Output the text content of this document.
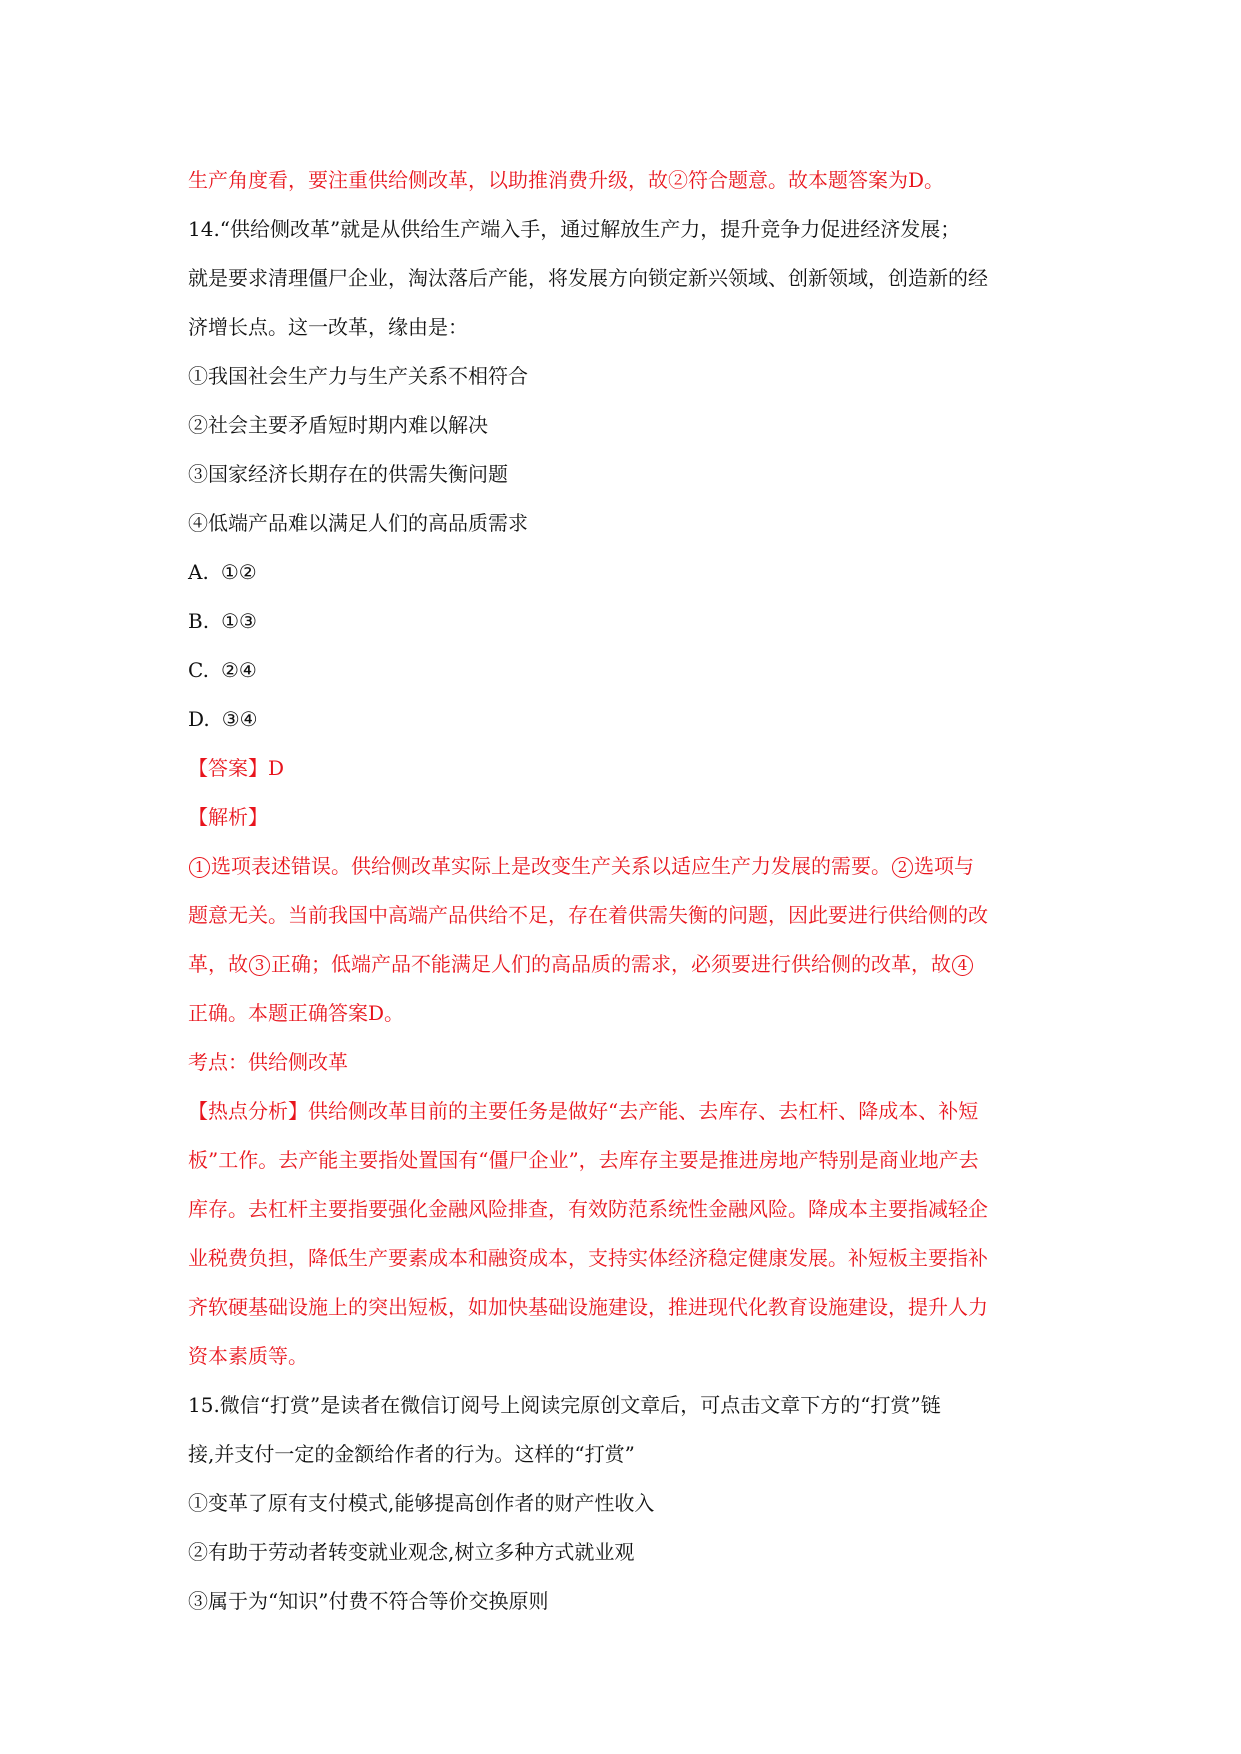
生产角度看，要注重供给侧改革，以助推消费升级，故②符合题意。故本题答案为D。
14.“供给侧改革”就是从供给生产端入手，通过解放生产力，提升竞争力促进经济发展；
就是要求清理僵尸企业，淘汰落后产能，将发展方向锁定新兴领域、创新领域，创造新的经
济增长点。这一改革，缘由是：
①我国社会生产力与生产关系不相符合
②社会主要矛盾短时期内难以解决
③国家经济长期存在的供需失衡问题
④低端产品难以满足人们的高品质需求
A. ①②
B. ①③
C. ②④
D. ③④
【答案】D
【解析】
1 选项表述错误。供给侧改革实际上是改变生产关系以适应生产力发展的需要。 2 选项与
题意无关。当前我国中高端产品供给不足，存在着供需失衡的问题，因此要进行供给侧的改
革，故 3 正确；低端产品不能满足人们的高品质的需求，必须要进行供给侧的改革，故 4
正确。本题正确答案D。
考点：供给侧改革
【热点分析】供给侧改革目前的主要任务是做好“去产能、去库存、去杠杆、降成本、补短
板”工作。去产能主要指处置国有“僵尸企业”，去库存主要是推进房地产特别是商业地产去
库存。去杠杆主要指要强化金融风险排查，有效防范系统性金融风险。降成本主要指减轻企
业税费负担，降低生产要素成本和融资成本，支持实体经济稳定健康发展。补短板主要指补
齐软硬基础设施上的突出短板，如加快基础设施建设，推进现代化教育设施建设，提升人力
资本素质等。
15.微信“打赏”是读者在微信订阅号上阅读完原创文章后，可点击文章下方的“打赏”链
接,并支付一定的金额给作者的行为。这样的“打赏”
①变革了原有支付模式,能够提高创作者的财产性收入
②有助于劳动者转变就业观念,树立多种方式就业观
③属于为“知识”付费不符合等价交换原则
